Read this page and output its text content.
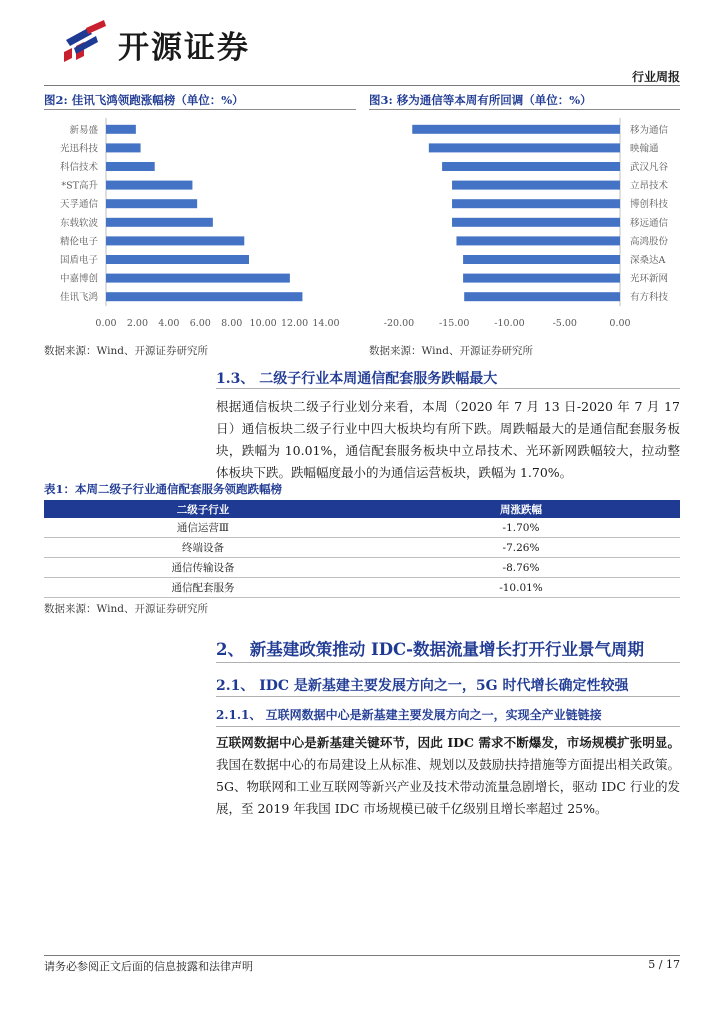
开源证券
行业周报
图2: 佳讯飞鸿领跑涨幅榜（单位：%）
新易盛
光迅科技
科信技术
*ST高升
天孚通信
东载软波
精伦电子
国盾电子
中嘉博创
佳讯飞鸿
0.00 2.00 4.00 6.00 8.00 10.00 12.00 14.00
数据来源：Wind、开源证券研究所
图3: 移为通信等本周有所回调（单位：%）
移为通信
映翰通
武汉凡谷
立昂技术
博创科技
移远通信
高鸿股份
深桑达A
光环新网
有方科技
-20.00	-15.00	-10.00	-5.00	0.00
数据来源：Wind、开源证券研究所
1.3、 二级子行业本周通信配套服务跌幅最大
根据通信板块二级子行业划分来看，本周（2020 年 7 月 13 日-2020 年 7 月 17 日）通信板块二级子行业中四大板块均有所下跌。周跌幅最大的是通信配套服务板块，跌幅为 10.01%，通信配套服务板块中立昂技术、光环新网跌幅较大，拉动整体板块下跌。跌幅幅度最小的为通信运营板块，跌幅为 1.70%。
表1：本周二级子行业通信配套服务领跑跌幅榜
二级子行业	周涨跌幅
通信运营Ⅲ	-1.70%
终端设备	-7.26%
通信传输设备	-8.76%
通信配套服务	-10.01%
数据来源：Wind、开源证券研究所
2、 新基建政策推动 IDC-数据流量增长打开行业景气周期
2.1、 IDC 是新基建主要发展方向之一，5G 时代增长确定性较强
2.1.1、 互联网数据中心是新基建主要发展方向之一，实现全产业链链接
互联网数据中心是新基建关键环节，因此 IDC 需求不断爆发，市场规模扩张明显。我国在数据中心的布局建设上从标准、规划以及鼓励扶持措施等方面提出相关政策。5G、物联网和工业互联网等新兴产业及技术带动流量急剧增长，驱动 IDC 行业的发展，至 2019 年我国 IDC 市场规模已破千亿级别且增长率超过 25%。
请务必参阅正文后面的信息披露和法律声明	5 / 17
